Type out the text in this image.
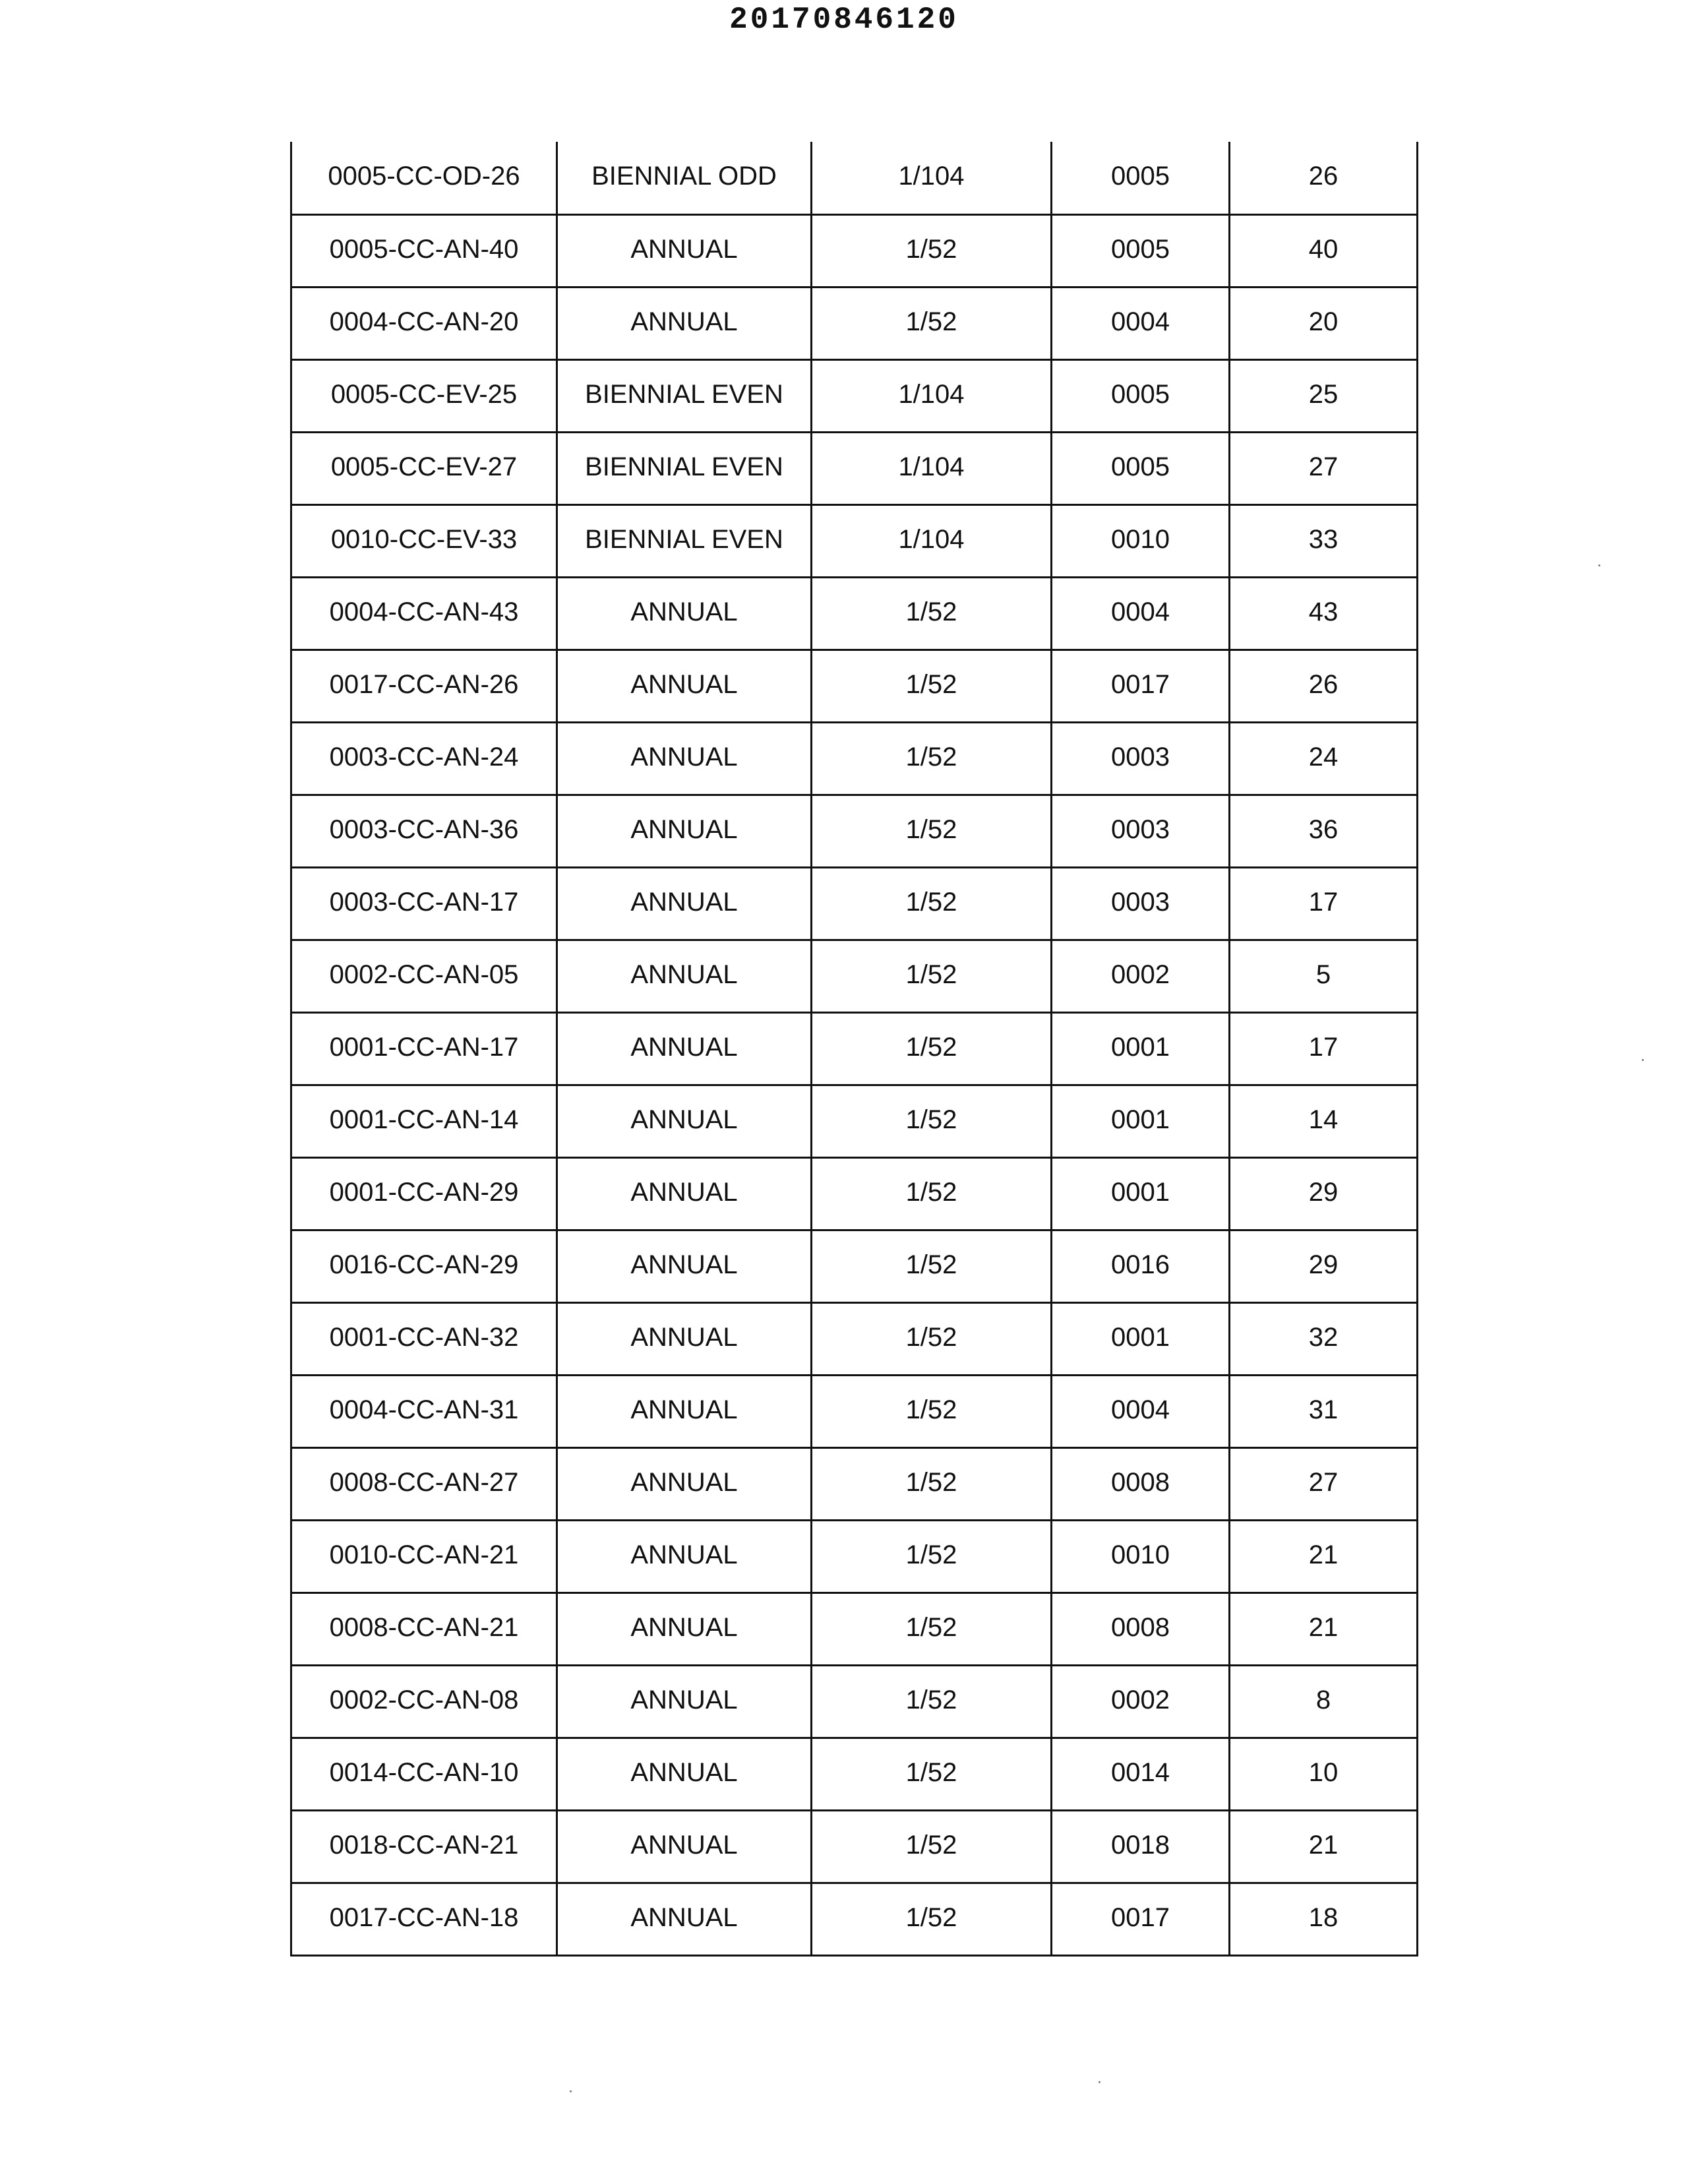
20170846120
0005-CC-OD-26	BIENNIAL ODD	1/104	0005	26
0005-CC-AN-40	ANNUAL	1/52	0005	40
0004-CC-AN-20	ANNUAL	1/52	0004	20
0005-CC-EV-25	BIENNIAL EVEN	1/104	0005	25
0005-CC-EV-27	BIENNIAL EVEN	1/104	0005	27
0010-CC-EV-33	BIENNIAL EVEN	1/104	0010	33
0004-CC-AN-43	ANNUAL	1/52	0004	43
0017-CC-AN-26	ANNUAL	1/52	0017	26
0003-CC-AN-24	ANNUAL	1/52	0003	24
0003-CC-AN-36	ANNUAL	1/52	0003	36
0003-CC-AN-17	ANNUAL	1/52	0003	17
0002-CC-AN-05	ANNUAL	1/52	0002	5
0001-CC-AN-17	ANNUAL	1/52	0001	17
0001-CC-AN-14	ANNUAL	1/52	0001	14
0001-CC-AN-29	ANNUAL	1/52	0001	29
0016-CC-AN-29	ANNUAL	1/52	0016	29
0001-CC-AN-32	ANNUAL	1/52	0001	32
0004-CC-AN-31	ANNUAL	1/52	0004	31
0008-CC-AN-27	ANNUAL	1/52	0008	27
0010-CC-AN-21	ANNUAL	1/52	0010	21
0008-CC-AN-21	ANNUAL	1/52	0008	21
0002-CC-AN-08	ANNUAL	1/52	0002	8
0014-CC-AN-10	ANNUAL	1/52	0014	10
0018-CC-AN-21	ANNUAL	1/52	0018	21
0017-CC-AN-18	ANNUAL	1/52	0017	18
